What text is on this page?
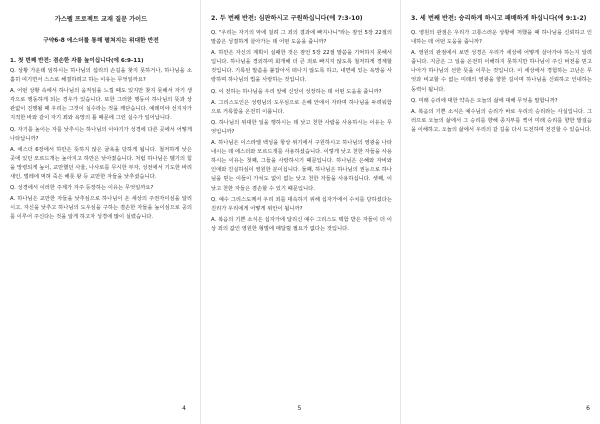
가스펠 프로젝트 교재 질문 가이드
구약6-8 에스더를 통해 펼쳐지는 위대한 반전
1. 첫 번째 반전: 겸손한 자를 높이십니다(에 6:9-11)

Q. 상황 가운데 임하시는 하나님의 섭리의 손길을 찾지 못하거나, 하나님을 소홀히 여기면서 스스로 해결하려고 하는 이유는 무엇일까요?

A. 어떤 상황 속에서 하나님의 움직임을 느낄 때도 있지만 찾지 못해서 자기 생각으로 행동하게 되는 경우가 있습니다. 또한 그러한 행동이 하나님의 뜻과 상관없이 진행될 때 우리는 그것이 실수라는 것을 깨닫습니다. 예레미야 선지자가 지적한 바와 같이 자기 꾀와 욕망의 틀 때문에 그런 실수가 일어납니다.

Q. 자기를 높이는 자를 낮추시는 하나님의 이야기가 성경에 다른 곳에서 어떻게 나타납니까?

A. 에스더 6장에서 하만은 뜻하지 않은 굴욕을 당하게 됩니다. 철저하게 낮은 곳에 있던 모르드개는 높아지고 하만은 낮아졌습니다. 처럼 하나님은 벨기의 힘을 망령되게 높이, 교만했던 사울, 나사로를 무시한 부자, 성전에서 기도한 바리새인, 벌레에 먹혀 죽은 해롯 왕 등 교만한 자들을 낮추셨습니다.

Q. 성경에서 이러한 주제가 자주 등장하는 이유는 무엇일까요?

A. 하나님은 교만한 자들을 낮추심으로 하나님이 온 세상의 주권자이심을 알리시고, 자신을 낮추고 하나님의 도우심을 구하는 겸손한 자들을 높이심으로 공의를 이루어 주신다는 것을 알게 하고자 성경에 많이 실렸습니다.

4
2. 두 번째 반전: 심판하시고 구원하십니다(에 7:3-10)

Q. "우리는 자기의 악에 걸려 그 죄의 결과에 빠지나니"라는 잠언 5장 22절의 말씀은 성결하게 살아가는 데 어떤 도움을 줍니까?

A. 하만은 자신의 계획이 실패한 것은 잠언 5장 22절 말씀을 기억하지 못해서입니다. 하나님을 경외하며 회개해 더 큰 죄로 빠지지 않도록 철저하게 경계할 것입니다. 기록된 말씀을 붙잡아서 떠나지 않도록 하고, 내면에 있는 욕망을 사랑하며 하나님의 법을 사랑하는 것입니다.

Q. 이 전하는 하나님을 우리 앞에 신앙이 성장하는 데 어떤 도움을 줍니까?

A. 그리스도인은 성령님의 도우심으로 은혜 안에서 자라며 하나님을 두려워함으로 거룩함을 온전히 이룹니다.

Q. 하나님의 위대한 일을 행하시는 데 낮고 천한 사람을 사용하시는 이유는 무엇입니까?

A. 하나님은 이스라엘 백성을 항상 위기에서 구원하시고 하나님의 영광을 나타내시는 데 에스더와 모르드개를 사용하셨습니다. 이렇게 낮고 천한 자들을 사용하시는 이유는 첫째, 그들을 사랑하시기 때문입니다. 하나님은 은혜와 자비와 인애와 진실하심이 영원한 분이십니다. 둘째, 하나님은 하나님의 권능으로 하나님을 믿는 이들이 가치도 없이 없는 낮고 천한 자들을 사용하십니다. 셋째, 이 낮고 천한 자들은 겸손할 수 있기 때문입니다.

Q. 예수 그리스도께서 우리 죄를 대속하기 위해 십자가에서 수치를 당하셨다는 진리가 우리에게 어떻게 위안이 됩니까?

A. 복음의 기쁜 소식은 십자가에 달리신 예수 그리스도 택함 받은 자들이 더 이상 죄의 값인 영원한 형벌에 매달릴 필요가 없다는 것입니다.

5
3. 세 번째 반전: 승리하게 하시고 패배하게 하십니다(에 9:1-2)

Q. 영원의 관점은 우리가 고통스러운 상황에 처했을 때 하나님을 신뢰하고 인내하는 데 어떤 도움을 줍니까?

A. 영원의 관점에서 보면 성경은 우리가 세상에 어떻게 살아가야 하는지 알려 줍니다. 지금은 그 일을 온전히 이해하지 못하지만 하나님이 주신 비전을 믿고 나아가 하나님의 선한 뜻을 이루는 것입니다. 이 세상에서 경험하는 고난은 무엇과 비교할 수 없는 미래의 영광을 향한 길이며 하나님을 신뢰하고 인내하는 동력이 됩니다.

Q. 미래 승리에 대한 약속은 오늘의 삶에 대해 무엇을 말합니까?

A. 복음의 기쁜 소식은 예수님의 승리가 바로 우리의 승리라는 사실입니다. 그러므로 오늘의 삶에서 그 승리를 향해 종지부를 찍어 미래 승리를 향한 발걸음을 이해하고, 오늘의 삶에서 우리의 갈 길을 다시 도전하며 전진할 수 있습니다.

6
